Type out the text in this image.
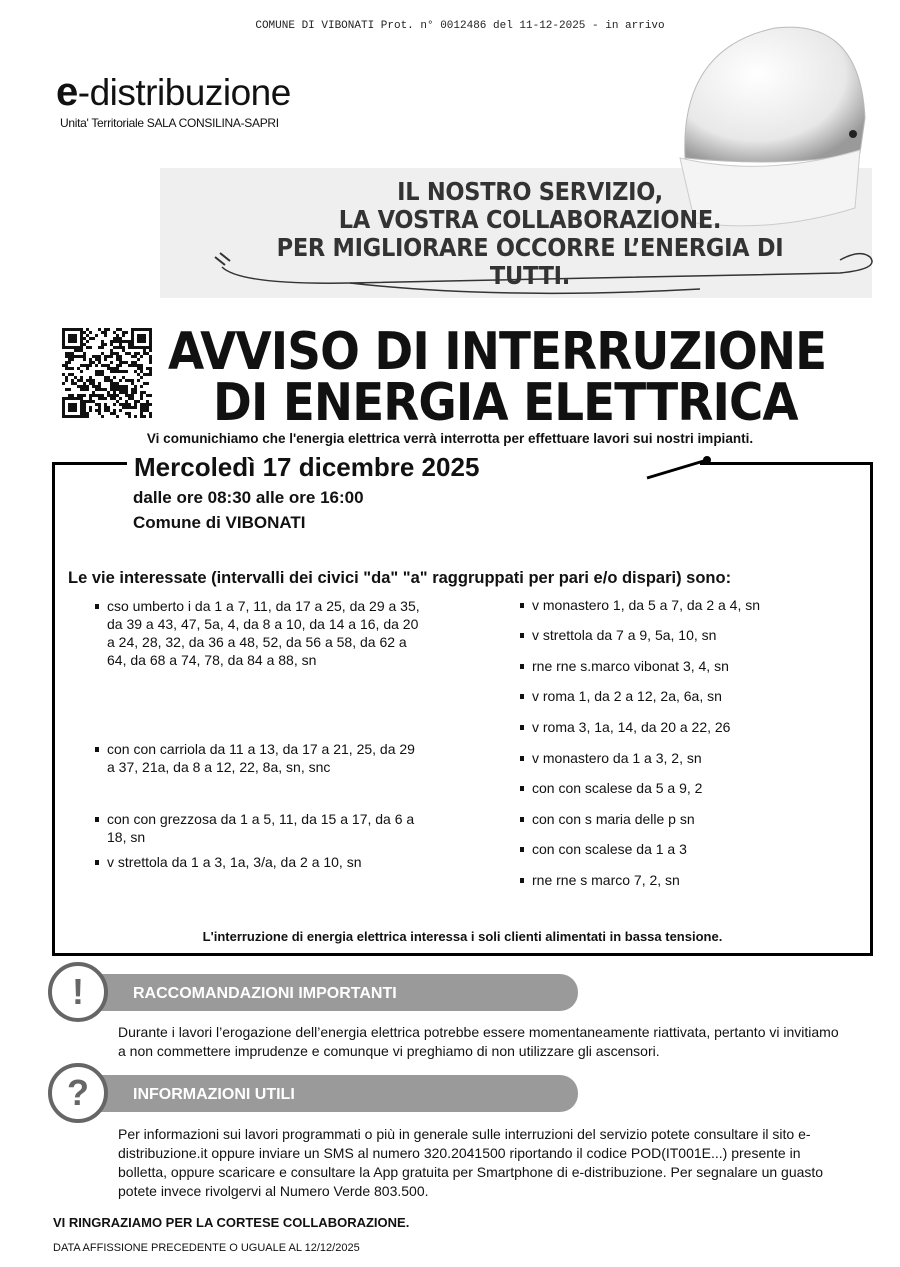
COMUNE DI VIBONATI Prot. n° 0012486 del 11-12-2025 - in arrivo
e-distribuzione
Unita' Territoriale SALA CONSILINA-SAPRI
IL NOSTRO SERVIZIO,
LA VOSTRA COLLABORAZIONE.
PER MIGLIORARE OCCORRE L’ENERGIA DI TUTTI.
AVVISO DI INTERRUZIONE
DI ENERGIA ELETTRICA
Vi comunichiamo che l'energia elettrica verrà interrotta per effettuare lavori sui nostri impianti.
Mercoledì 17 dicembre 2025
dalle ore 08:30 alle ore 16:00
Comune di VIBONATI
Le vie interessate (intervalli dei civici "da" "a" raggruppati per pari e/o dispari) sono:
cso umberto i da 1 a 7, 11, da 17 a 25, da 29 a 35, da 39 a 43, 47, 5a, 4, da 8 a 10, da 14 a 16, da 20 a 24, 28, 32, da 36 a 48, 52, da 56 a 58, da 62 a 64, da 68 a 74, 78, da 84 a 88, sn
con con carriola da 11 a 13, da 17 a 21, 25, da 29 a 37, 21a, da 8 a 12, 22, 8a, sn, snc
con con grezzosa da 1 a 5, 11, da 15 a 17, da 6 a 18, sn
v strettola da 1 a 3, 1a, 3/a, da 2 a 10, sn
v monastero 1, da 5 a 7, da 2 a 4, sn
v strettola da 7 a 9, 5a, 10, sn
rne rne s.marco vibonat 3, 4, sn
v roma 1, da 2 a 12, 2a, 6a, sn
v roma 3, 1a, 14, da 20 a 22, 26
v monastero da 1 a 3, 2, sn
con con scalese da 5 a 9, 2
con con s maria delle p sn
con con scalese da 1 a 3
rne rne s marco 7, 2, sn
L'interruzione di energia elettrica interessa i soli clienti alimentati in bassa tensione.
RACCOMANDAZIONI IMPORTANTI
!
Durante i lavori l’erogazione dell’energia elettrica potrebbe essere momentaneamente riattivata, pertanto vi invitiamo a non commettere imprudenze e comunque vi preghiamo di non utilizzare gli ascensori.
INFORMAZIONI UTILI
?
Per informazioni sui lavori programmati o più in generale sulle interruzioni del servizio potete consultare il sito e-distribuzione.it oppure inviare un SMS al numero 320.2041500 riportando il codice POD(IT001E...) presente in bolletta, oppure scaricare e consultare la App gratuita per Smartphone di e-distribuzione. Per segnalare un guasto potete invece rivolgervi al Numero Verde 803.500.
VI RINGRAZIAMO PER LA CORTESE COLLABORAZIONE.
DATA AFFISSIONE PRECEDENTE O UGUALE AL 12/12/2025
